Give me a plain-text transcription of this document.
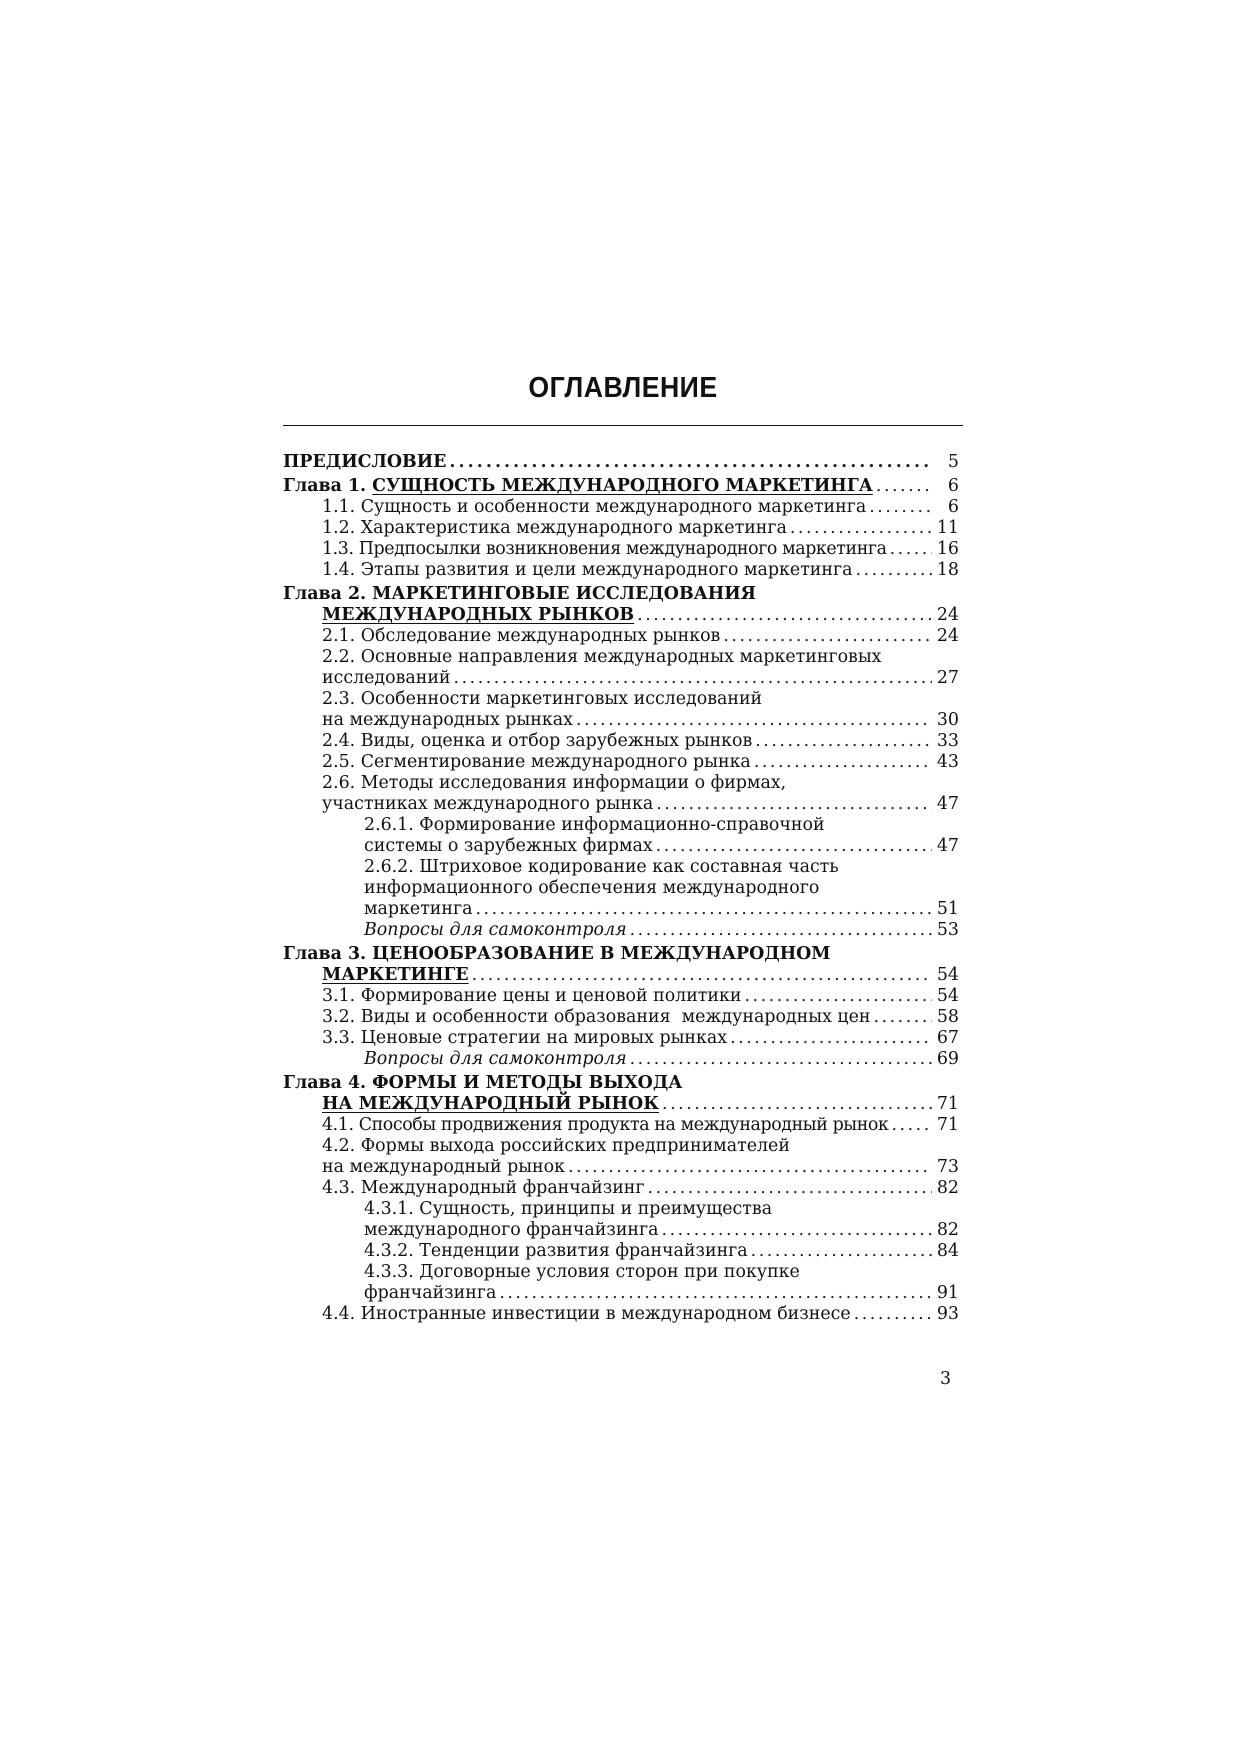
ОГЛАВЛЕНИЕ
ПРЕДИСЛОВИЕ . . .	5
Глава 1. СУЩНОСТЬ МЕЖДУНАРОДНОГО МАРКЕТИНГА . . .	6
1.1. Сущность и особенности международного маркетинга . . .	6
1.2. Характеристика международного маркетинга . . .	11
1.3. Предпосылки возникновения международного маркетинга . . .	16
1.4. Этапы развития и цели международного маркетинга . . .	18
Глава 2. МАРКЕТИНГОВЫЕ ИССЛЕДОВАНИЯ
МЕЖДУНАРОДНЫХ РЫНКОВ . . .	24
2.1. Обследование международных рынков . . .	24
2.2. Основные направления международных маркетинговых
исследований . . .	27
2.3. Особенности маркетинговых исследований
на международных рынках . . .	30
2.4. Виды, оценка и отбор зарубежных рынков . . .	33
2.5. Сегментирование международного рынка . . .	43
2.6. Методы исследования информации о фирмах,
участниках международного рынка . . .	47
2.6.1. Формирование информационно-справочной
системы о зарубежных фирмах . . .	47
2.6.2. Штриховое кодирование как составная часть
информационного обеспечения международного
маркетинга . . .	51
Вопросы для самоконтроля . . .	53
Глава 3. ЦЕНООБРАЗОВАНИЕ В МЕЖДУНАРОДНОМ
МАРКЕТИНГЕ . . .	54
3.1. Формирование цены и ценовой политики . . .	54
3.2. Виды и особенности образования  международных цен . . .	58
3.3. Ценовые стратегии на мировых рынках . . .	67
Вопросы для самоконтроля . . .	69
Глава 4. ФОРМЫ И МЕТОДЫ ВЫХОДА
НА МЕЖДУНАРОДНЫЙ РЫНОК . . .	71
4.1. Способы продвижения продукта на международный рынок . . .	71
4.2. Формы выхода российских предпринимателей
на международный рынок . . .	73
4.3. Международный франчайзинг . . .	82
4.3.1. Сущность, принципы и преимущества
международного франчайзинга . . .	82
4.3.2. Тенденции развития франчайзинга . . .	84
4.3.3. Договорные условия сторон при покупке
франчайзинга . . .	91
4.4. Иностранные инвестиции в международном бизнесе . . .	93
3
